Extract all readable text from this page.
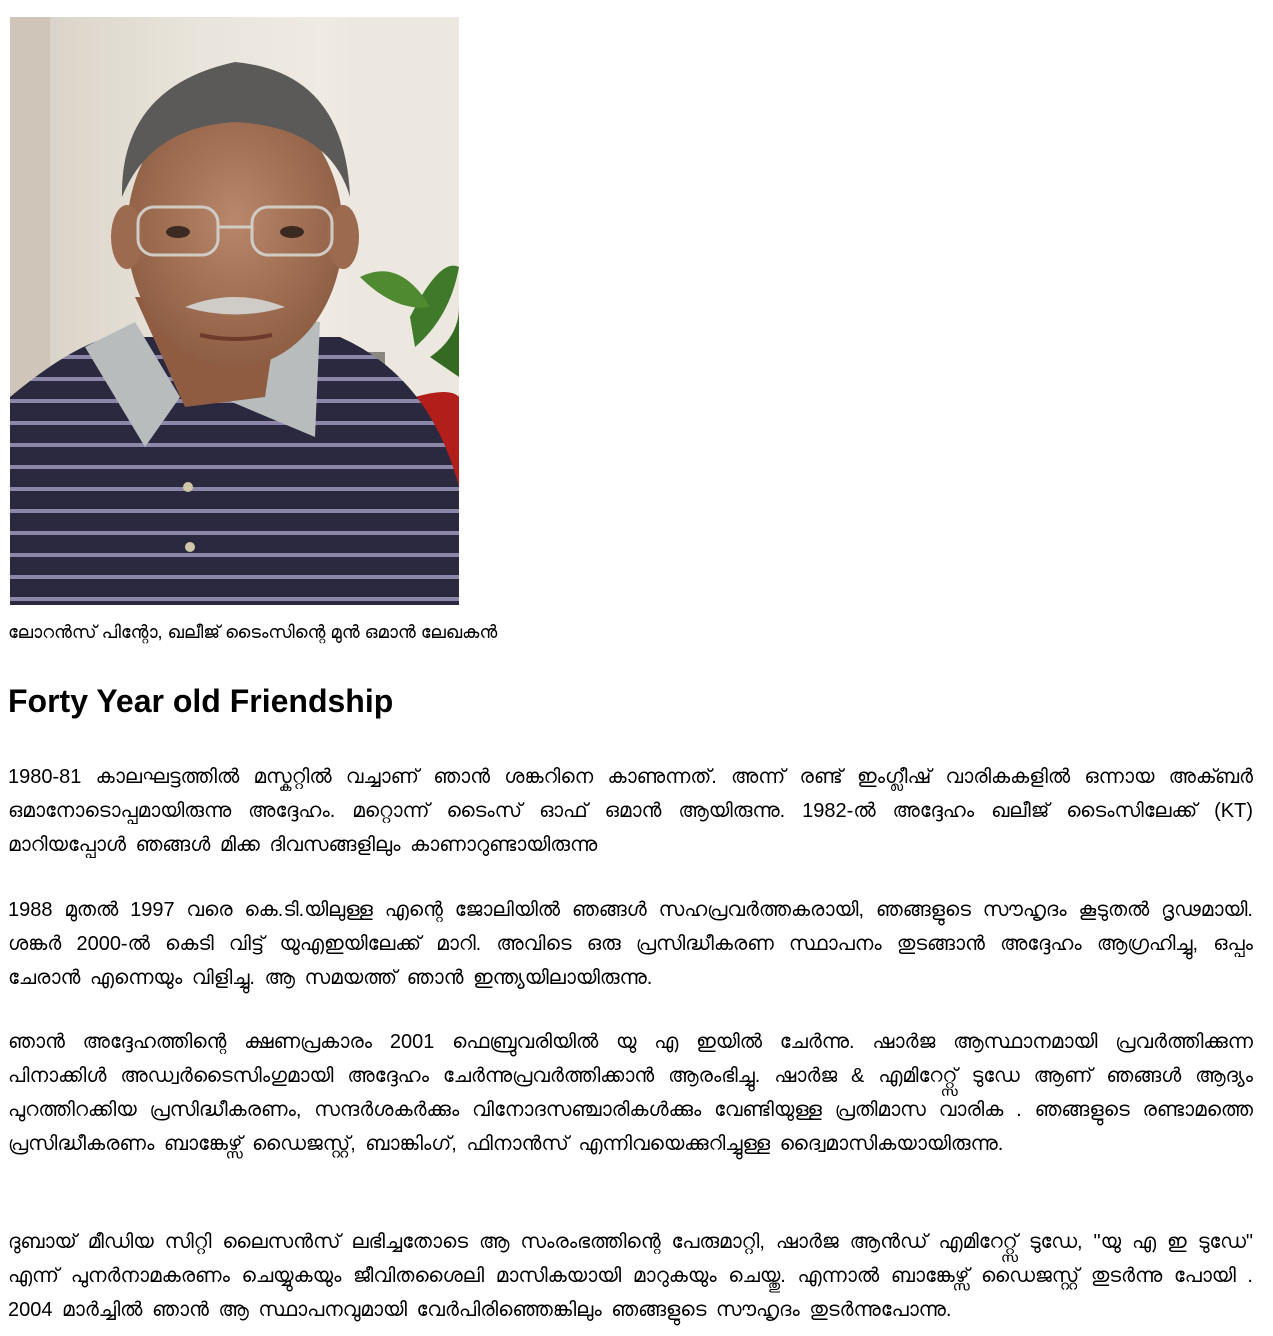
ലോറൻസ് പിന്റോ, ഖലീജ് ടൈംസിന്റെ മുൻ ഒമാൻ ലേഖകൻ
Forty Year old Friendship

1980-81 കാലഘട്ടത്തിൽ മസ്കറ്റിൽ വച്ചാണ് ഞാൻ ശങ്കറിനെ കാണുന്നത്. അന്ന് രണ്ട് ഇംഗ്ലീഷ് വാരികകളിൽ ഒന്നായ അക്ബർ ഒമാനോടൊപ്പമായിരുന്നു അദ്ദേഹം. മറ്റൊന്ന് ടൈംസ് ഓഫ് ഒമാൻ ആയിരുന്നു. 1982-ൽ അദ്ദേഹം ഖലീജ് ടൈംസിലേക്ക് (KT) മാറിയപ്പോൾ ഞങ്ങൾ മിക്ക ദിവസങ്ങളിലും കാണാറുണ്ടായിരുന്നു

1988 മുതൽ 1997 വരെ കെ.ടി.യിലുള്ള എന്റെ ജോലിയിൽ ഞങ്ങൾ സഹപ്രവർത്തകരായി, ഞങ്ങളുടെ സൗഹൃദം കൂടുതൽ ദൃഢമായി. ശങ്കർ 2000-ൽ കെടി വിട്ട് യുഎഇയിലേക്ക് മാറി. അവിടെ ഒരു പ്രസിദ്ധീകരണ സ്ഥാപനം തുടങ്ങാൻ അദ്ദേഹം ആഗ്രഹിച്ചു, ഒപ്പം ചേരാൻ എന്നെയും വിളിച്ചു. ആ സമയത്ത് ഞാൻ ഇന്ത്യയിലായിരുന്നു.

ഞാൻ അദ്ദേഹത്തിന്റെ ക്ഷണപ്രകാരം 2001 ഫെബ്രുവരിയിൽ യു എ ഇയിൽ ചേർന്നു. ഷാർജ ആസ്ഥാനമായി പ്രവർത്തിക്കുന്ന പിനാക്കിൾ അഡ്വർടൈസിംഗുമായി അദ്ദേഹം ചേർന്നുപ്രവർത്തിക്കാൻ ആരംഭിച്ചു. ഷാർജ & എമിറേറ്റ്സ് ടുഡേ ആണ് ഞങ്ങൾ ആദ്യം പുറത്തിറക്കിയ പ്രസിദ്ധീകരണം, സന്ദർശകർക്കും വിനോദസഞ്ചാരികൾക്കും വേണ്ടിയുള്ള പ്രതിമാസ വാരിക . ഞങ്ങളുടെ രണ്ടാമത്തെ പ്രസിദ്ധീകരണം ബാങ്കേഴ്സ് ഡൈജസ്റ്റ്, ബാങ്കിംഗ്, ഫിനാൻസ് എന്നിവയെക്കുറിച്ചുള്ള ദ്വൈമാസികയായിരുന്നു.

ദുബായ് മീഡിയ സിറ്റി ലൈസൻസ് ലഭിച്ചതോടെ ആ സംരംഭത്തിന്റെ പേരുമാറ്റി, ഷാർജ ആൻഡ് എമിറേറ്റ്സ് ടുഡേ, "യു എ ഇ ടുഡേ" എന്ന് പുനർനാമകരണം ചെയ്യുകയും ജീവിതശൈലി മാസികയായി മാറുകയും ചെയ്തു. എന്നാൽ ബാങ്കേഴ്സ് ഡൈജസ്റ്റ് തുടർന്നു പോയി . 2004 മാർച്ചിൽ ഞാൻ ആ സ്ഥാപനവുമായി വേർപിരിഞ്ഞെങ്കിലും ഞങ്ങളുടെ സൗഹൃദം തുടർന്നുപോന്നു.
